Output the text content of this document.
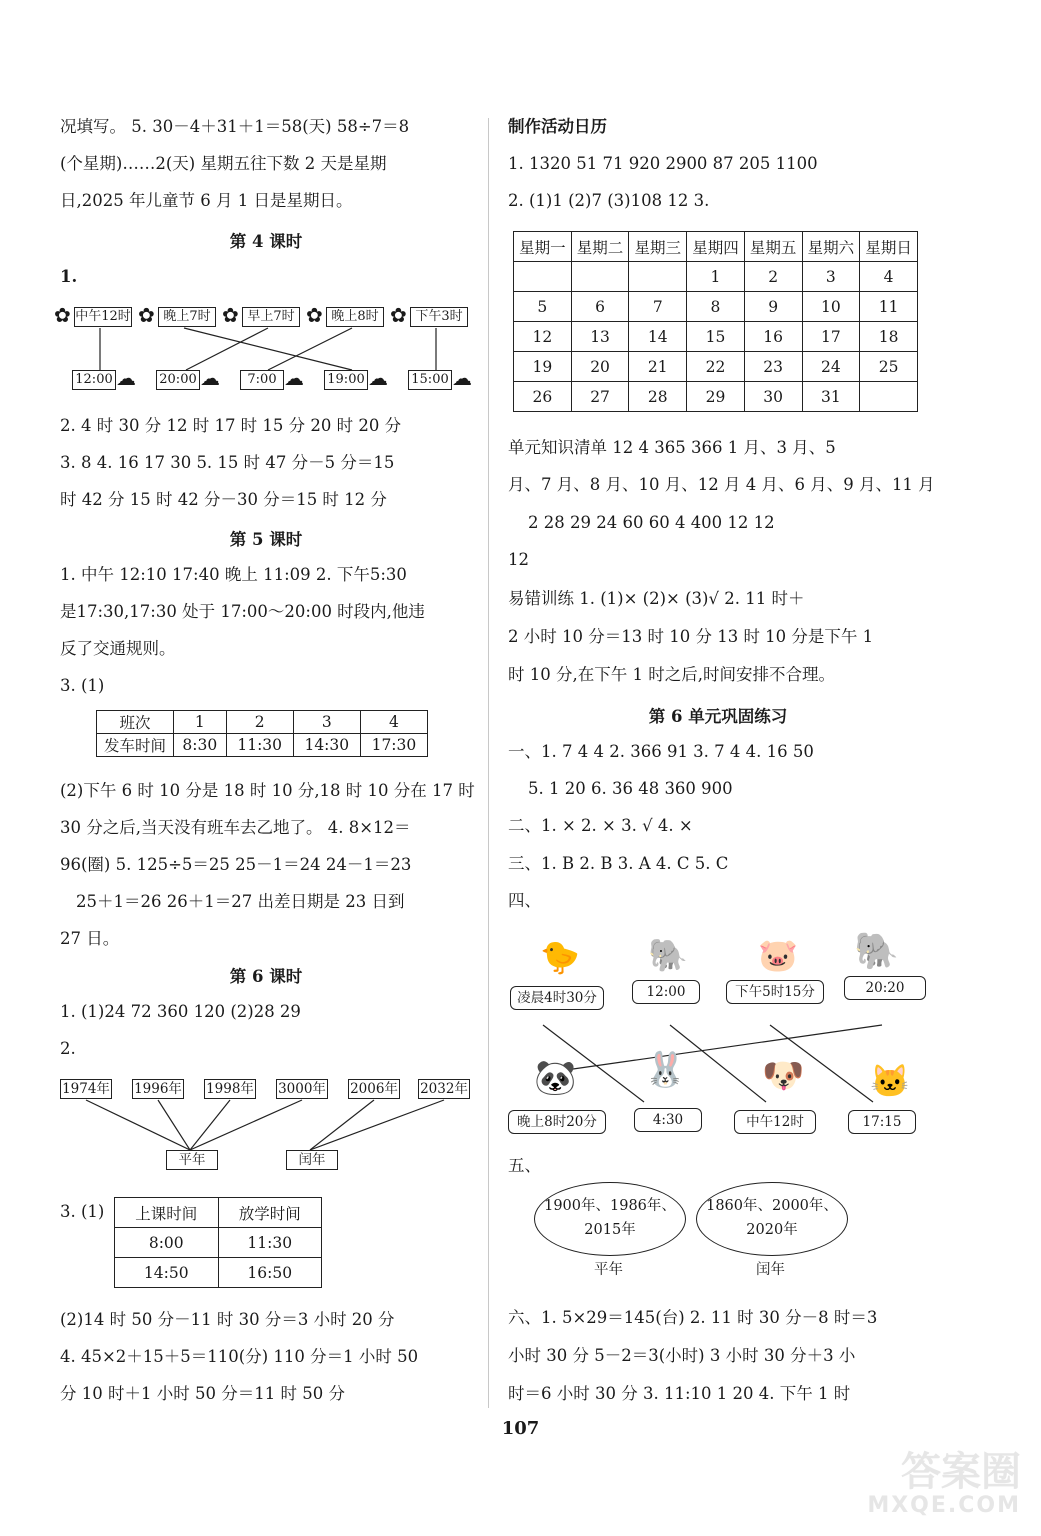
况填写。 5. 30－4＋31＋1＝58(天) 58÷7＝8
(个星期)……2(天) 星期五往下数 2 天是星期
日,2025 年儿童节 6 月 1 日是星期日。
第 4 课时
1.
✿ 中午12时 ✿ 晚上7时 ✿ 早上7时 ✿ 晚上8时 ✿ 下午3时
12:00 ☁ 20:00 ☁	7:00 ☁ 19:00 ☁ 15:00 ☁
2. 4 时 30 分 12 时 17 时 15 分 20 时 20 分
3. 8 4. 16 17 30 5. 15 时 47 分－5 分＝15
时 42 分 15 时 42 分－30 分＝15 时 12 分
第 5 课时
1. 中午 12:10 17:40 晚上 11:09 2. 下午5:30
是17:30,17:30 处于 17:00～20:00 时段内,他违
反了交通规则。
3. (1)
班次	1	2	3	4
发车时间	8:30	11:30	14:30	17:30
(2)下午 6 时 10 分是 18 时 10 分,18 时 10 分在 17 时
30 分之后,当天没有班车去乙地了。 4. 8×12＝
96(圈) 5. 125÷5＝25 25－1＝24 24－1＝23
25＋1＝26 26＋1＝27 出差日期是 23 日到
27 日。
第 6 课时
1. (1)24 72 360 120 (2)28 29
2.
1974年 1996年 1998年 3000年 2006年 2032年
平年	闰年
3. (1) 上课时间	放学时间
8:00	11:30
14:50	16:50
(2)14 时 50 分－11 时 30 分＝3 小时 20 分
4. 45×2＋15＋5＝110(分) 110 分＝1 小时 50
分 10 时＋1 小时 50 分＝11 时 50 分
制作活动日历
1. 1320 51 71 920 2900 87 205 1100
2. (1)1 (2)7 (3)108 12 3.
星期一	星期二	星期三	星期四	星期五	星期六	星期日
			1	2	3	4
5	6	7	8	9	10	11
12	13	14	15	16	17	18
19	20	21	22	23	24	25
26	27	28	29	30	31	
单元知识清单 12 4 365 366 1 月、3 月、5
月、7 月、8 月、10 月、12 月 4 月、6 月、9 月、11 月
2 28 29 24 60 60 4 400 12 12
12
易错训练 1. (1)× (2)× (3)√ 2. 11 时＋
2 小时 10 分＝13 时 10 分 13 时 10 分是下午 1
时 10 分,在下午 1 时之后,时间安排不合理。
第 6 单元巩固练习
一、1. 7 4 4 2. 366 91 3. 7 4 4. 16 50
5. 1 20 6. 36 48 360 900
二、1. × 2. × 3. √ 4. ×
三、1. B 2. B 3. A 4. C 5. C
四、
🐤
凌晨4时30分
🐘
12:00
🐷
下午5时15分
🐘
20:20
🐼
晚上8时20分
🐰
4:30
🐶
中午12时
🐱
17:15
五、
1900年、1986年、
2015年
1860年、2000年、
2020年
平年	闰年
六、1. 5×29＝145(台) 2. 11 时 30 分－8 时＝3
小时 30 分 5－2＝3(小时) 3 小时 30 分＋3 小
时＝6 小时 30 分 3. 11:10 1 20 4. 下午 1 时
107
答案圈
MXQE.COM
